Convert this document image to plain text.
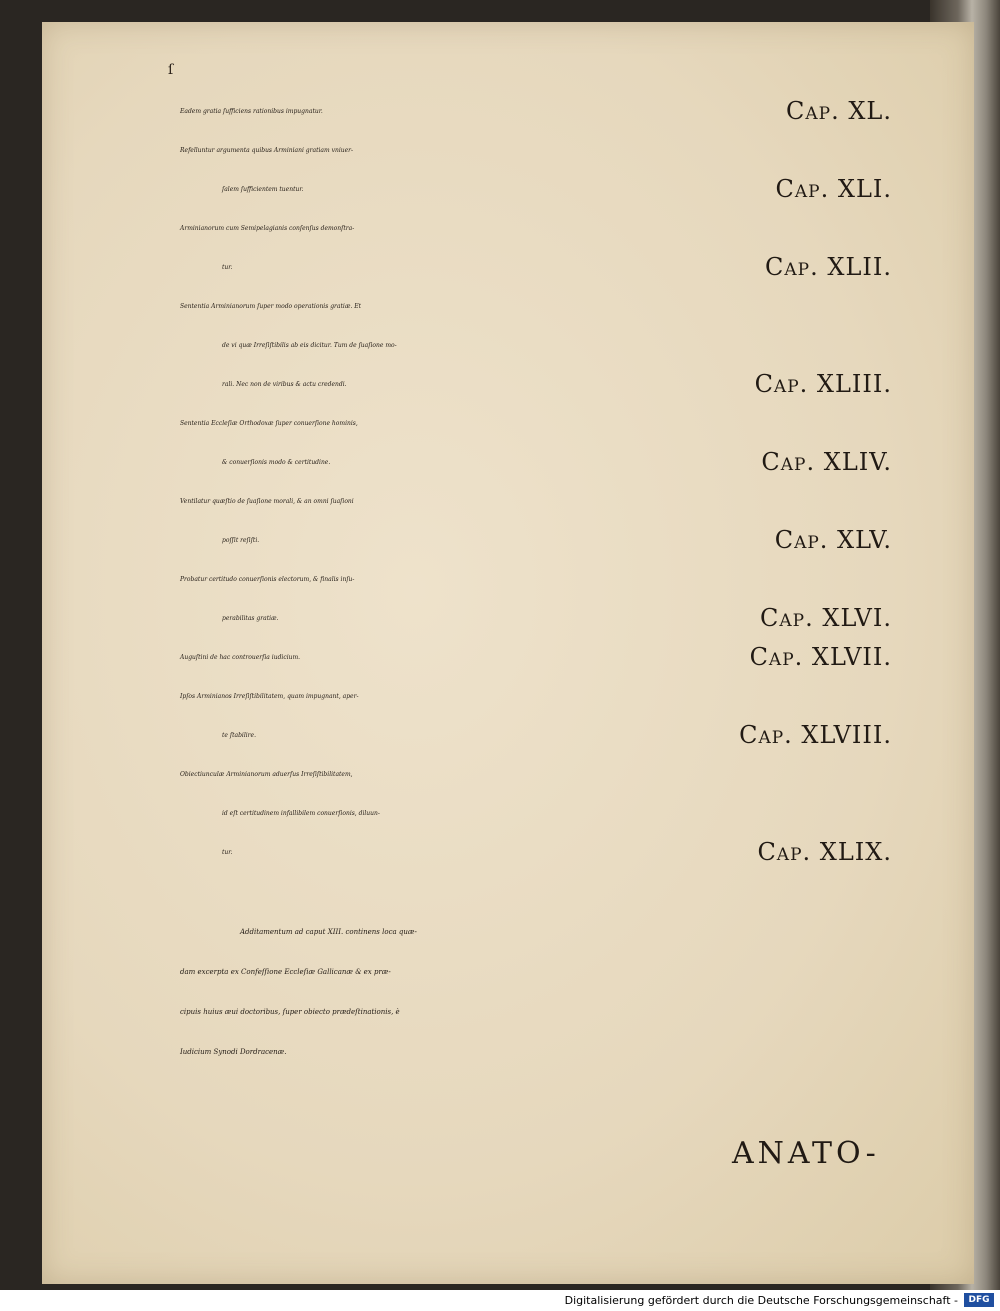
ſ
Eadem gratia ſufficiens rationibus impugnatur.	Cap. XL.
Refelluntur argumenta quibus Arminiani gratiam vniuer-
ſalem ſufficientem tuentur.	Cap. XLI.
Arminianorum cum Semipelagianis conſenſus demonſtra-
tur.	Cap. XLII.
Sententia Arminianorum ſuper modo operationis gratiæ. Et
de vi quæ Irreſiſtibilis ab eis dicitur. Tum de ſuaſione mo-
rali. Nec non de viribus & actu credendi.	Cap. XLIII.
Sententia Eccleſiæ Orthodoxæ ſuper conuerſione hominis,
& conuerſionis modo & certitudine.	Cap. XLIV.
Ventilatur quæſtio de ſuaſione morali, & an omni ſuaſioni
poſſit reſiſti.	Cap. XLV.
Probatur certitudo conuerſionis electorum, & finalis inſu-
perabilitas gratiæ.	Cap. XLVI.
Auguſtini de hac controuerſia iudicium.	Cap. XLVII.
Ipſos Arminianos Irreſiſtibilitatem, quam impugnant, aper-
te ſtabilire.	Cap. XLVIII.
Obiectiunculæ Arminianorum aduerſus Irreſiſtibilitatem,
id eſt certitudinem infallibilem conuerſionis, diluun-
tur.	Cap. XLIX.
Additamentum ad caput XIII. continens loca quæ-
dam excerpta ex Confeſſione Eccleſiæ Gallicanæ & ex præ-
cipuis huius æui doctoribus, ſuper obiecto prædeſtinationis, è
Iudicium Synodi Dordracenæ.
ANATO-
Digitalisierung gefördert durch die Deutsche Forschungsgemeinschaft -	DFG
